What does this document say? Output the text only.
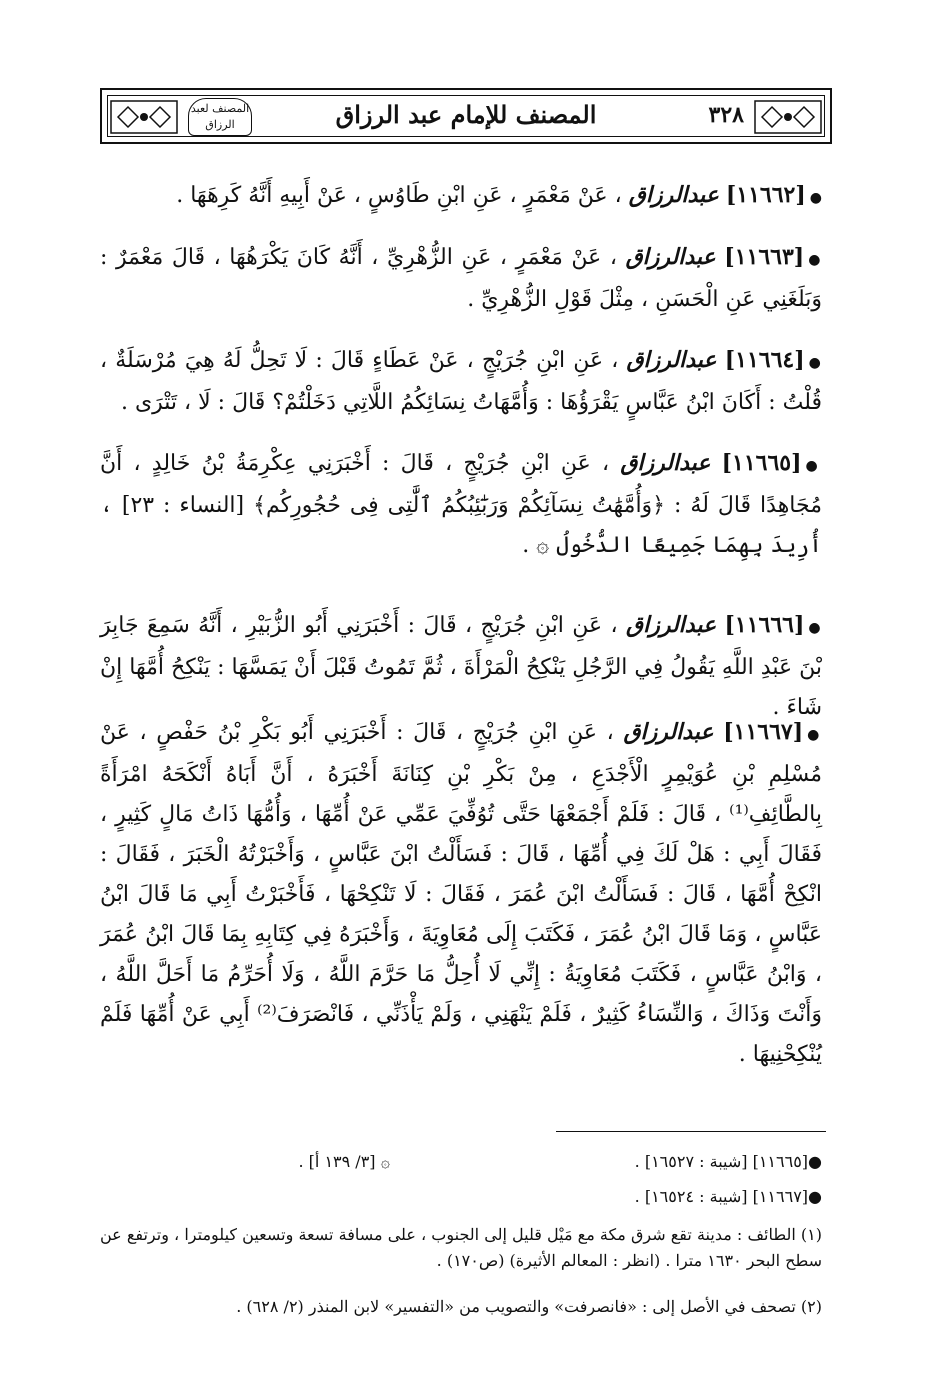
٣٢٨
المصنف للإمام عبد الرزاق
المصنف لعبد الرزاق
●[١١٦٦٢] عبدالرزاق ، عَنْ مَعْمَرٍ ، عَنِ ابْنِ طَاوُسٍ ، عَنْ أَبِيهِ أَنَّهُ كَرِهَهَا .
●[١١٦٦٣] عبدالرزاق ، عَنْ مَعْمَرٍ ، عَنِ الزُّهْرِيِّ ، أَنَّهُ كَانَ يَكْرَهُهَا ، قَالَ مَعْمَرٌ : وَبَلَغَنِي عَنِ الْحَسَنِ ، مِثْلَ قَوْلِ الزُّهْرِيِّ .
●[١١٦٦٤] عبدالرزاق ، عَنِ ابْنِ جُرَيْجٍ ، عَنْ عَطَاءٍ قَالَ : لَا تَحِلُّ لَهُ هِيَ مُرْسَلَةٌ ، قُلْتُ : أَكَانَ ابْنُ عَبَّاسٍ يَقْرَؤُهَا : وَأُمَّهَاتُ نِسَائِكُمُ اللَّاتِي دَخَلْتُمْ؟ قَالَ : لَا ، تَتْرَى .
●[١١٦٦٥] عبدالرزاق ، عَنِ ابْنِ جُرَيْجٍ ، قَالَ : أَخْبَرَنِي عِكْرِمَةُ بْنُ خَالِدٍ ، أَنَّ مُجَاهِدًا قَالَ لَهُ : ﴿وَأُمَّهَٰتُ نِسَآئِكُمْ وَرَبَٰٓئِبُكُمُ ٱلَّٰتِى فِى حُجُورِكُم﴾ [النساء : ٢٣] ، أُرِيدَ بِهِمَا جَمِيعًا الدُّخُولُ ۞ .
●[١١٦٦٦] عبدالرزاق ، عَنِ ابْنِ جُرَيْجٍ ، قَالَ : أَخْبَرَنِي أَبُو الزُّبَيْرِ ، أَنَّهُ سَمِعَ جَابِرَ بْنَ عَبْدِ اللَّهِ يَقُولُ فِي الرَّجُلِ يَنْكِحُ الْمَرْأَةَ ، ثُمَّ تَمُوتُ قَبْلَ أَنْ يَمَسَّهَا : يَنْكِحُ أُمَّهَا إِنْ شَاءَ .
●[١١٦٦٧] عبدالرزاق ، عَنِ ابْنِ جُرَيْجٍ ، قَالَ : أَخْبَرَنِي أَبُو بَكْرِ بْنُ حَفْصٍ ، عَنْ مُسْلِمِ بْنِ عُوَيْمِرٍ الْأَجْدَعِ ، مِنْ بَكْرِ بْنِ كِنَانَةَ أَخْبَرَهُ ، أَنَّ أَبَاهُ أَنْكَحَهُ امْرَأَةً بِالطَّائِفِ⁽¹⁾ ، قَالَ : فَلَمْ أَجْمَعْهَا حَتَّى تُوُفِّيَ عَمِّي عَنْ أُمِّهَا ، وَأُمُّهَا ذَاتُ مَالٍ كَثِيرٍ ، فَقَالَ أَبِي : هَلْ لَكَ فِي أُمِّهَا ، قَالَ : فَسَأَلْتُ ابْنَ عَبَّاسٍ ، وَأَخْبَرْتُهُ الْخَبَرَ ، فَقَالَ : انْكِحْ أُمَّهَا ، قَالَ : فَسَأَلْتُ ابْنَ عُمَرَ ، فَقَالَ : لَا تَنْكِحْهَا ، فَأَخْبَرْتُ أَبِي مَا قَالَ ابْنُ عَبَّاسٍ ، وَمَا قَالَ ابْنُ عُمَرَ ، فَكَتَبَ إِلَى مُعَاوِيَةَ ، وَأَخْبَرَهُ فِي كِتَابِهِ بِمَا قَالَ ابْنُ عُمَرَ ، وَابْنُ عَبَّاسٍ ، فَكَتَبَ مُعَاوِيَةُ : إِنِّي لَا أُحِلُّ مَا حَرَّمَ اللَّهُ ، وَلَا أُحَرِّمُ مَا أَحَلَّ اللَّهُ ، وَأَنْتَ وَذَاكَ ، وَالنِّسَاءُ كَثِيرٌ ، فَلَمْ يَنْهَنِي ، وَلَمْ يَأْذَنِّي ، فَانْصَرَفَ⁽²⁾ أَبِي عَنْ أُمِّهَا فَلَمْ يُنْكِحْنِيهَا .
●[١١٦٦٥] [شيبة : ١٦٥٢٧] .
۞ [٣/ ١٣٩ أ] .
●[١١٦٦٧] [شيبة : ١٦٥٢٤] .
(١) الطائف : مدينة تقع شرق مكة مع مَيْل قليل إلى الجنوب ، على مسافة تسعة وتسعين كيلومترا ، وترتفع عن سطح البحر ١٦٣٠ مترا . (انظر : المعالم الأثيرة) (ص١٧٠) .
(٢) تصحف في الأصل إلى : «فانصرفت» والتصويب من «التفسير» لابن المنذر (٢/ ٦٢٨) .
